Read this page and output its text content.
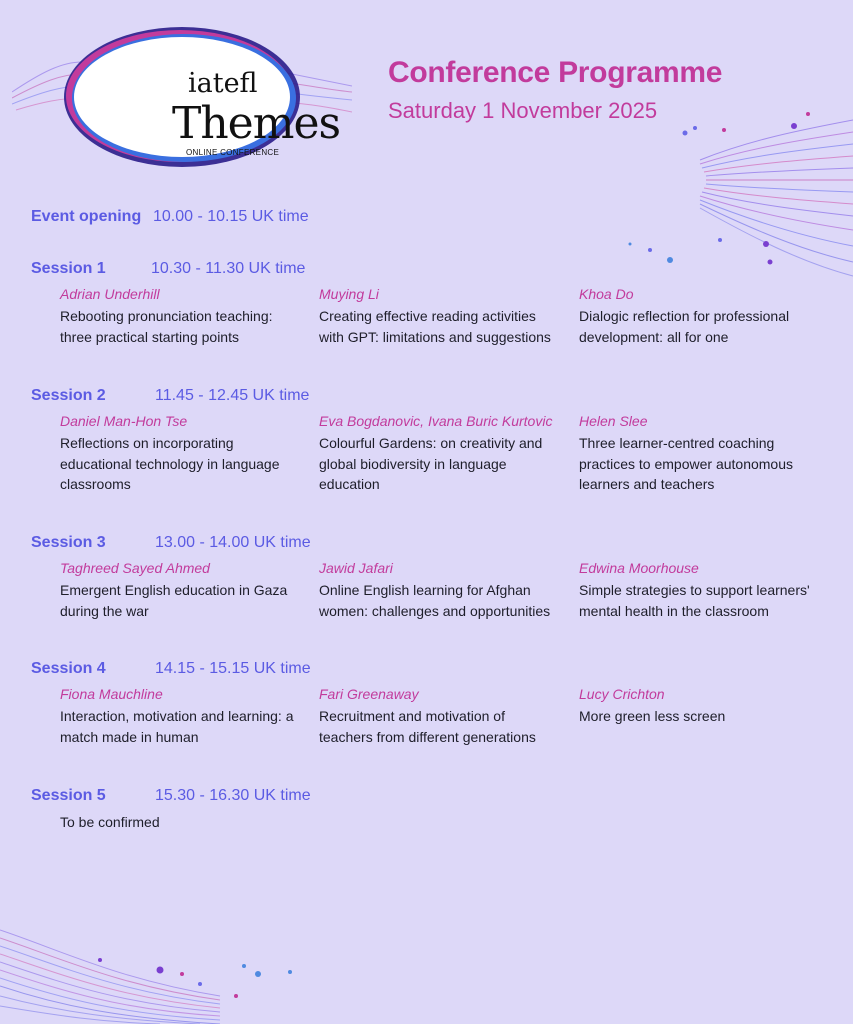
iatefl
Themes
ONLINE CONFERENCE
Conference Programme
Saturday 1 November 2025
Event opening 10.00 - 10.15 UK time
Session 1	10.30 - 11.30 UK time
Adrian Underhill
Rebooting pronunciation teaching: three practical starting points
Muying Li
Creating effective reading activities with GPT: limitations and suggestions
Khoa Do
Dialogic reflection for professional development: all for one
Session 2	11.45 - 12.45 UK time
Daniel Man-Hon Tse
Reflections on incorporating educational technology in language classrooms
Eva Bogdanovic, Ivana Buric Kurtovic
Colourful Gardens: on creativity and global biodiversity in language education
Helen Slee
Three learner-centred coaching practices to empower autonomous learners and teachers
Session 3	13.00 - 14.00 UK time
Taghreed Sayed Ahmed
Emergent English education in Gaza during the war
Jawid Jafari
Online English learning for Afghan women: challenges and opportunities
Edwina Moorhouse
Simple strategies to support learners' mental health in the classroom
Session 4	14.15 - 15.15 UK time
Fiona Mauchline
Interaction, motivation and learning: a match made in human
Fari Greenaway
Recruitment and motivation of teachers from different generations
Lucy Crichton
More green less screen
Session 5	15.30 - 16.30 UK time
To be confirmed
